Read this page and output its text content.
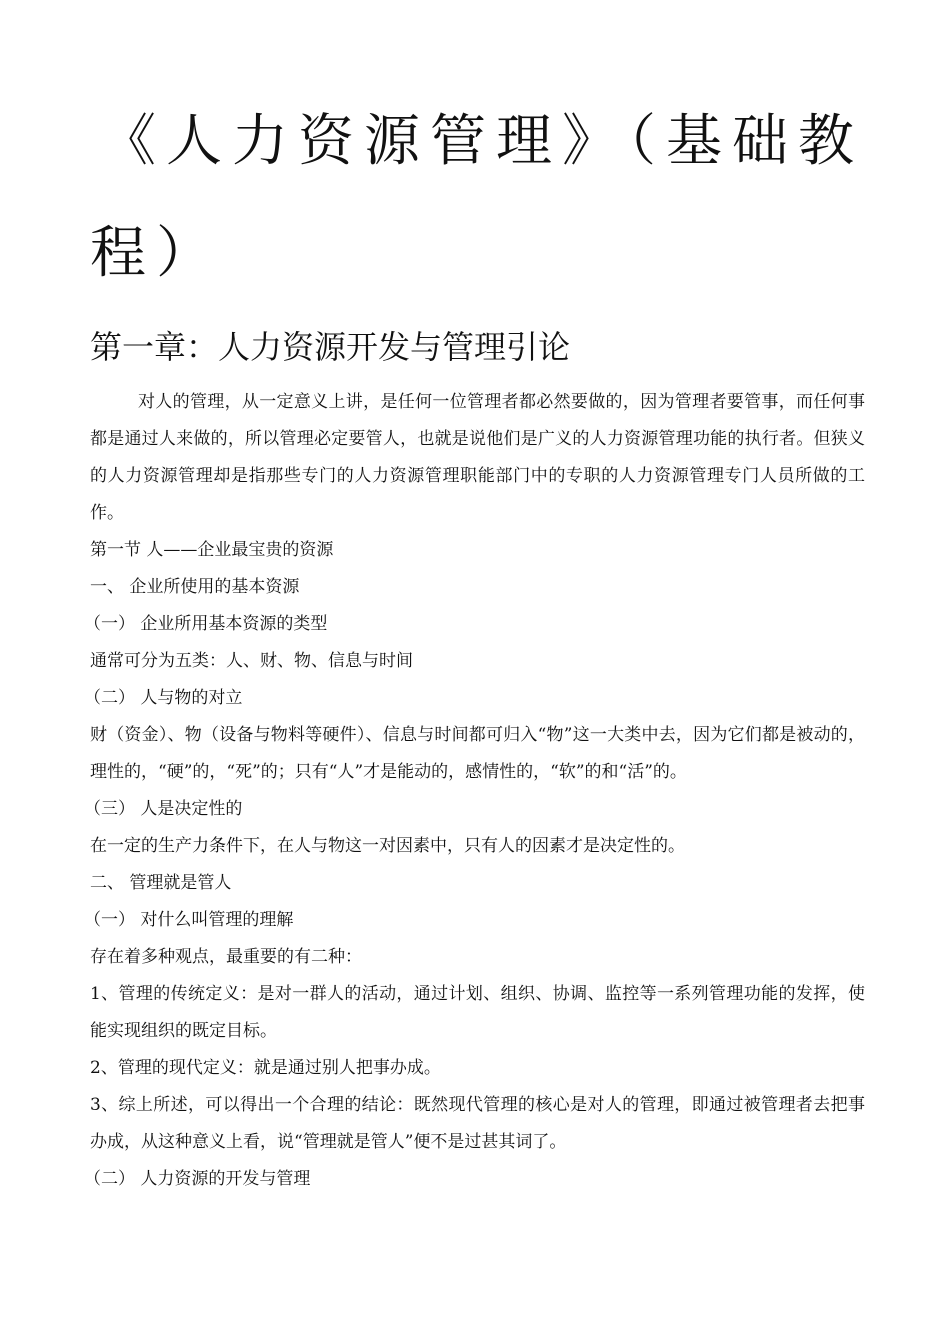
《人力资源管理》（基础教
程）
第一章：人力资源开发与管理引论

对人的管理，从一定意义上讲，是任何一位管理者都必然要做的，因为管理者要管事，而任何事都是通过人来做的，所以管理必定要管人，也就是说他们是广义的人力资源管理功能的执行者。但狭义的人力资源管理却是指那些专门的人力资源管理职能部门中的专职的人力资源管理专门人员所做的工作。

第一节 人——企业最宝贵的资源

一、 企业所使用的基本资源

（一） 企业所用基本资源的类型

通常可分为五类：人、财、物、信息与时间

（二） 人与物的对立

财（资金）、物（设备与物料等硬件）、信息与时间都可归入“物”这一大类中去，因为它们都是被动的，理性的，“硬”的，“死”的；只有“人”才是能动的，感情性的，“软”的和“活”的。

（三） 人是决定性的

在一定的生产力条件下，在人与物这一对因素中，只有人的因素才是决定性的。

二、 管理就是管人

（一） 对什么叫管理的理解

存在着多种观点，最重要的有二种：

1、管理的传统定义：是对一群人的活动，通过计划、组织、协调、监控等一系列管理功能的发挥，使能实现组织的既定目标。

2、管理的现代定义：就是通过别人把事办成。

3、综上所述，可以得出一个合理的结论：既然现代管理的核心是对人的管理，即通过被管理者去把事办成，从这种意义上看，说“管理就是管人”便不是过甚其词了。

（二） 人力资源的开发与管理
